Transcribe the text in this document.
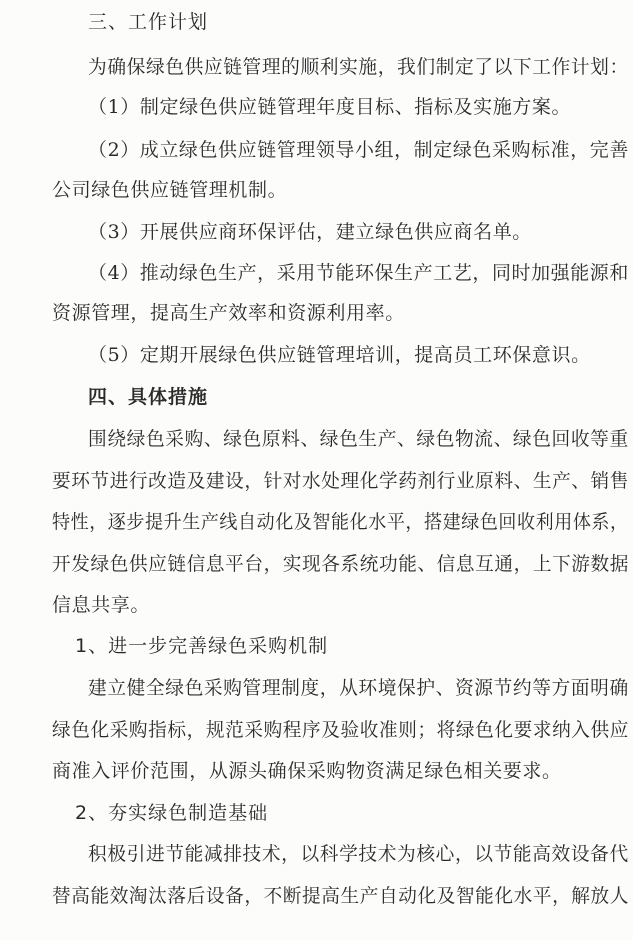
三、工作计划
为确保绿色供应链管理的顺利实施，我们制定了以下工作计划：
（1）制定绿色供应链管理年度目标、指标及实施方案。
（2）成立绿色供应链管理领导小组，制定绿色采购标准，完善
公司绿色供应链管理机制。
（3）开展供应商环保评估，建立绿色供应商名单。
（4）推动绿色生产，采用节能环保生产工艺，同时加强能源和
资源管理，提高生产效率和资源利用率。
（5）定期开展绿色供应链管理培训，提高员工环保意识。
四、具体措施
围绕绿色采购、绿色原料、绿色生产、绿色物流、绿色回收等重
要环节进行改造及建设，针对水处理化学药剂行业原料、生产、销售
特性，逐步提升生产线自动化及智能化水平，搭建绿色回收利用体系，
开发绿色供应链信息平台，实现各系统功能、信息互通，上下游数据
信息共享。
1、进一步完善绿色采购机制
建立健全绿色采购管理制度，从环境保护、资源节约等方面明确
绿色化采购指标，规范采购程序及验收准则；将绿色化要求纳入供应
商准入评价范围，从源头确保采购物资满足绿色相关要求。
2、夯实绿色制造基础
积极引进节能减排技术，以科学技术为核心，以节能高效设备代
替高能效淘汰落后设备，不断提高生产自动化及智能化水平，解放人
